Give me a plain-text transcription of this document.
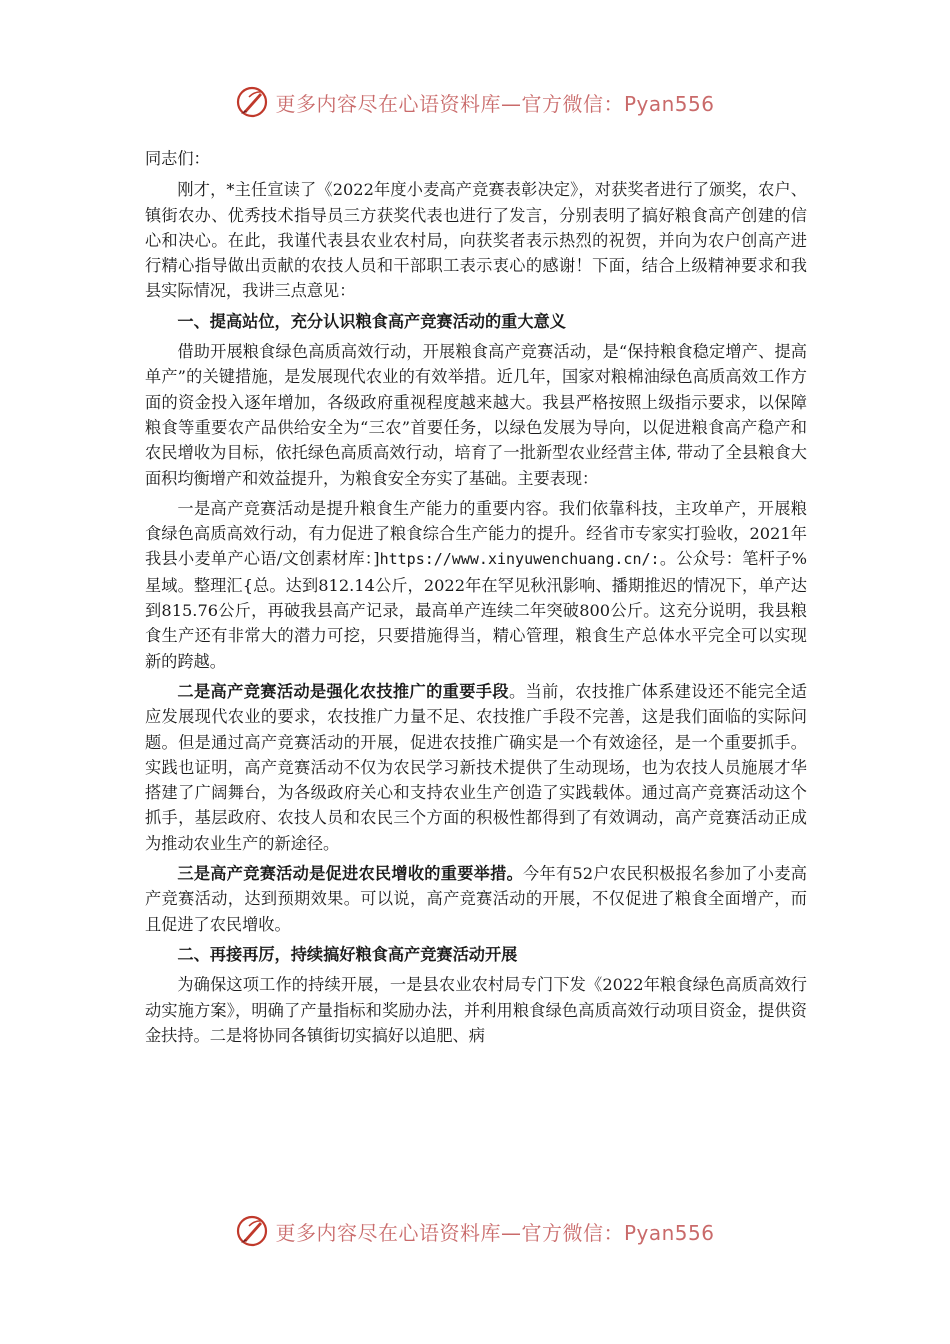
更多内容尽在心语资料库—官方微信：Pyan556

同志们：

刚才，*主任宣读了《2022年度小麦高产竞赛表彰决定》，对获奖者进行了颁奖，农户、镇街农办、优秀技术指导员三方获奖代表也进行了发言，分别表明了搞好粮食高产创建的信心和决心。在此，我谨代表县农业农村局，向获奖者表示热烈的祝贺，并向为农户创高产进行精心指导做出贡献的农技人员和干部职工表示衷心的感谢！下面，结合上级精神要求和我县实际情况，我讲三点意见：

一、提高站位，充分认识粮食高产竞赛活动的重大意义

借助开展粮食绿色高质高效行动，开展粮食高产竞赛活动，是“保持粮食稳定增产、提高单产”的关键措施，是发展现代农业的有效举措。近几年，国家对粮棉油绿色高质高效工作方面的资金投入逐年增加，各级政府重视程度越来越大。我县严格按照上级指示要求，以保障粮食等重要农产品供给安全为“三农”首要任务，以绿色发展为导向，以促进粮食高产稳产和农民增收为目标，依托绿色高质高效行动，培育了一批新型农业经营主体, 带动了全县粮食大面积均衡增产和效益提升，为粮食安全夯实了基础。主要表现：

一是高产竞赛活动是提升粮食生产能力的重要内容。我们依靠科技，主攻单产，开展粮食绿色高质高效行动，有力促进了粮食综合生产能力的提升。经省市专家实打验收，2021年我县小麦单产心语/文创素材库：]https://www.xinyuwenchuang.cn/:。公众号：笔杆子%星域。整理汇{总。达到812.14公斤，2022年在罕见秋汛影响、播期推迟的情况下，单产达到815.76公斤，再破我县高产记录，最高单产连续二年突破800公斤。这充分说明，我县粮食生产还有非常大的潜力可挖，只要措施得当，精心管理，粮食生产总体水平完全可以实现新的跨越。

二是高产竞赛活动是强化农技推广的重要手段。当前，农技推广体系建设还不能完全适应发展现代农业的要求，农技推广力量不足、农技推广手段不完善，这是我们面临的实际问题。但是通过高产竞赛活动的开展，促进农技推广确实是一个有效途径，是一个重要抓手。实践也证明，高产竞赛活动不仅为农民学习新技术提供了生动现场，也为农技人员施展才华搭建了广阔舞台，为各级政府关心和支持农业生产创造了实践载体。通过高产竞赛活动这个抓手，基层政府、农技人员和农民三个方面的积极性都得到了有效调动，高产竞赛活动正成为推动农业生产的新途径。

三是高产竞赛活动是促进农民增收的重要举措。今年有52户农民积极报名参加了小麦高产竞赛活动，达到预期效果。可以说，高产竞赛活动的开展，不仅促进了粮食全面增产，而且促进了农民增收。

二、再接再厉，持续搞好粮食高产竞赛活动开展

为确保这项工作的持续开展，一是县农业农村局专门下发《2022年粮食绿色高质高效行动实施方案》，明确了产量指标和奖励办法，并利用粮食绿色高质高效行动项目资金，提供资金扶持。二是将协同各镇街切实搞好以追肥、病

更多内容尽在心语资料库—官方微信：Pyan556
